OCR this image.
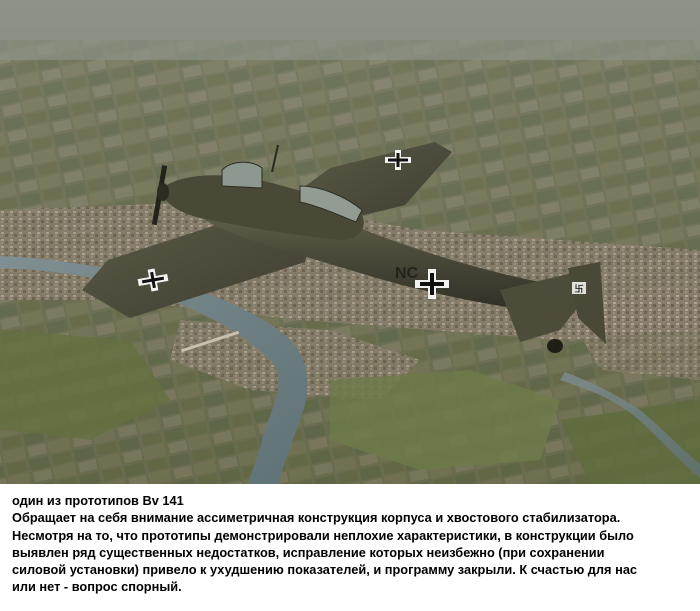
卐
NC

один из прототипов Bv 141

Обращает на себя внимание ассиметричная конструкция корпуса и хвостового стабилизатора.
Несмотря на то, что прототипы демонстрировали неплохие характеристики, в конструкции было
выявлен ряд существенных недостатков, исправление которых неизбежно (при сохранении
силовой установки) привело к ухудшению показателей, и программу закрыли. К счастью для нас
или нет - вопрос спорный.
